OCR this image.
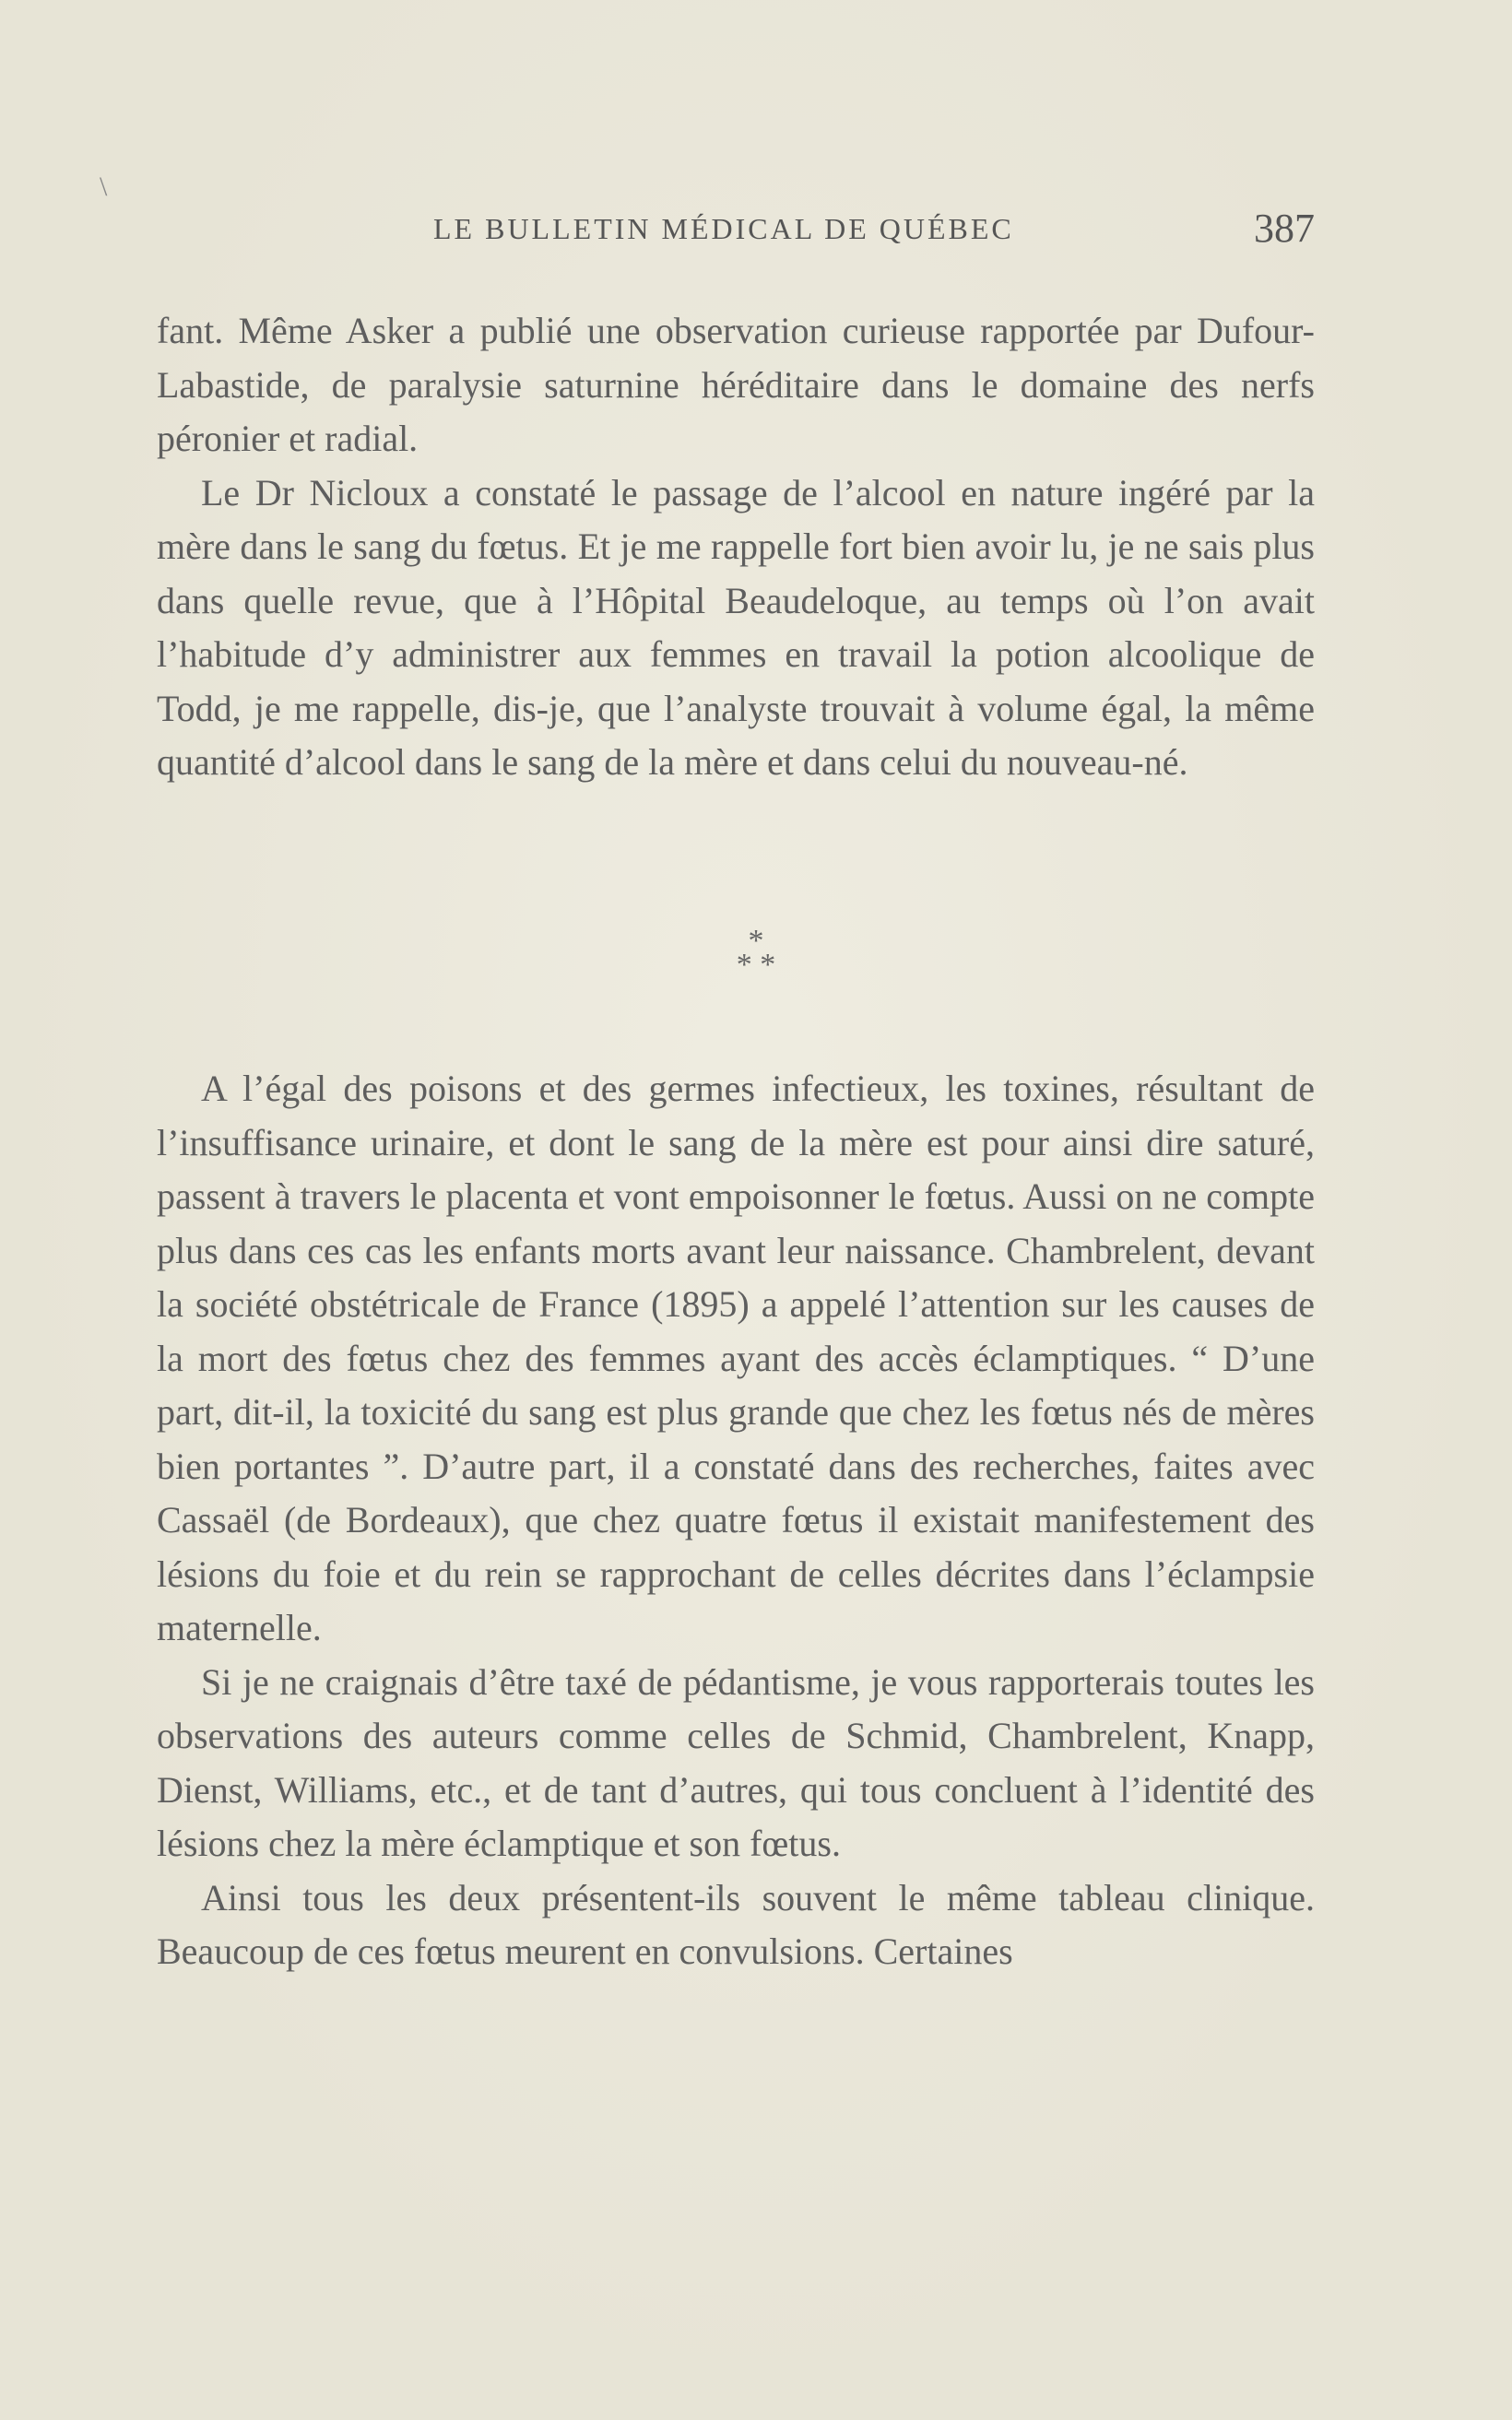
\
LE BULLETIN MÉDICAL DE QUÉBEC	387

fant. Même Asker a publié une observation curieuse rapportée par Dufour-Labastide, de paralysie saturnine héréditaire dans le domaine des nerfs péronier et radial.

Le Dr Nicloux a constaté le passage de l’alcool en nature ingéré par la mère dans le sang du fœtus. Et je me rappelle fort bien avoir lu, je ne sais plus dans quelle revue, que à l’Hôpital Beaudeloque, au temps où l’on avait l’habitude d’y administrer aux femmes en travail la potion alcoolique de Todd, je me rappelle, dis-je, que l’analyste trouvait à volume égal, la même quantité d’alcool dans le sang de la mère et dans celui du nouveau-né.

*
* *

A l’égal des poisons et des germes infectieux, les toxines, résultant de l’insuffisance urinaire, et dont le sang de la mère est pour ainsi dire saturé, passent à travers le placenta et vont empoisonner le fœtus. Aussi on ne compte plus dans ces cas les enfants morts avant leur naissance. Chambrelent, devant la société obstétricale de France (1895) a appelé l’attention sur les causes de la mort des fœtus chez des femmes ayant des accès éclamptiques. “ D’une part, dit-il, la toxicité du sang est plus grande que chez les fœtus nés de mères bien portantes ”. D’autre part, il a constaté dans des recherches, faites avec Cassaël (de Bordeaux), que chez quatre fœtus il existait manifestement des lésions du foie et du rein se rapprochant de celles décrites dans l’éclampsie maternelle.

Si je ne craignais d’être taxé de pédantisme, je vous rapporterais toutes les observations des auteurs comme celles de Schmid, Chambrelent, Knapp, Dienst, Williams, etc., et de tant d’autres, qui tous concluent à l’identité des lésions chez la mère éclamptique et son fœtus.

Ainsi tous les deux présentent-ils souvent le même tableau clinique. Beaucoup de ces fœtus meurent en convulsions. Certaines
